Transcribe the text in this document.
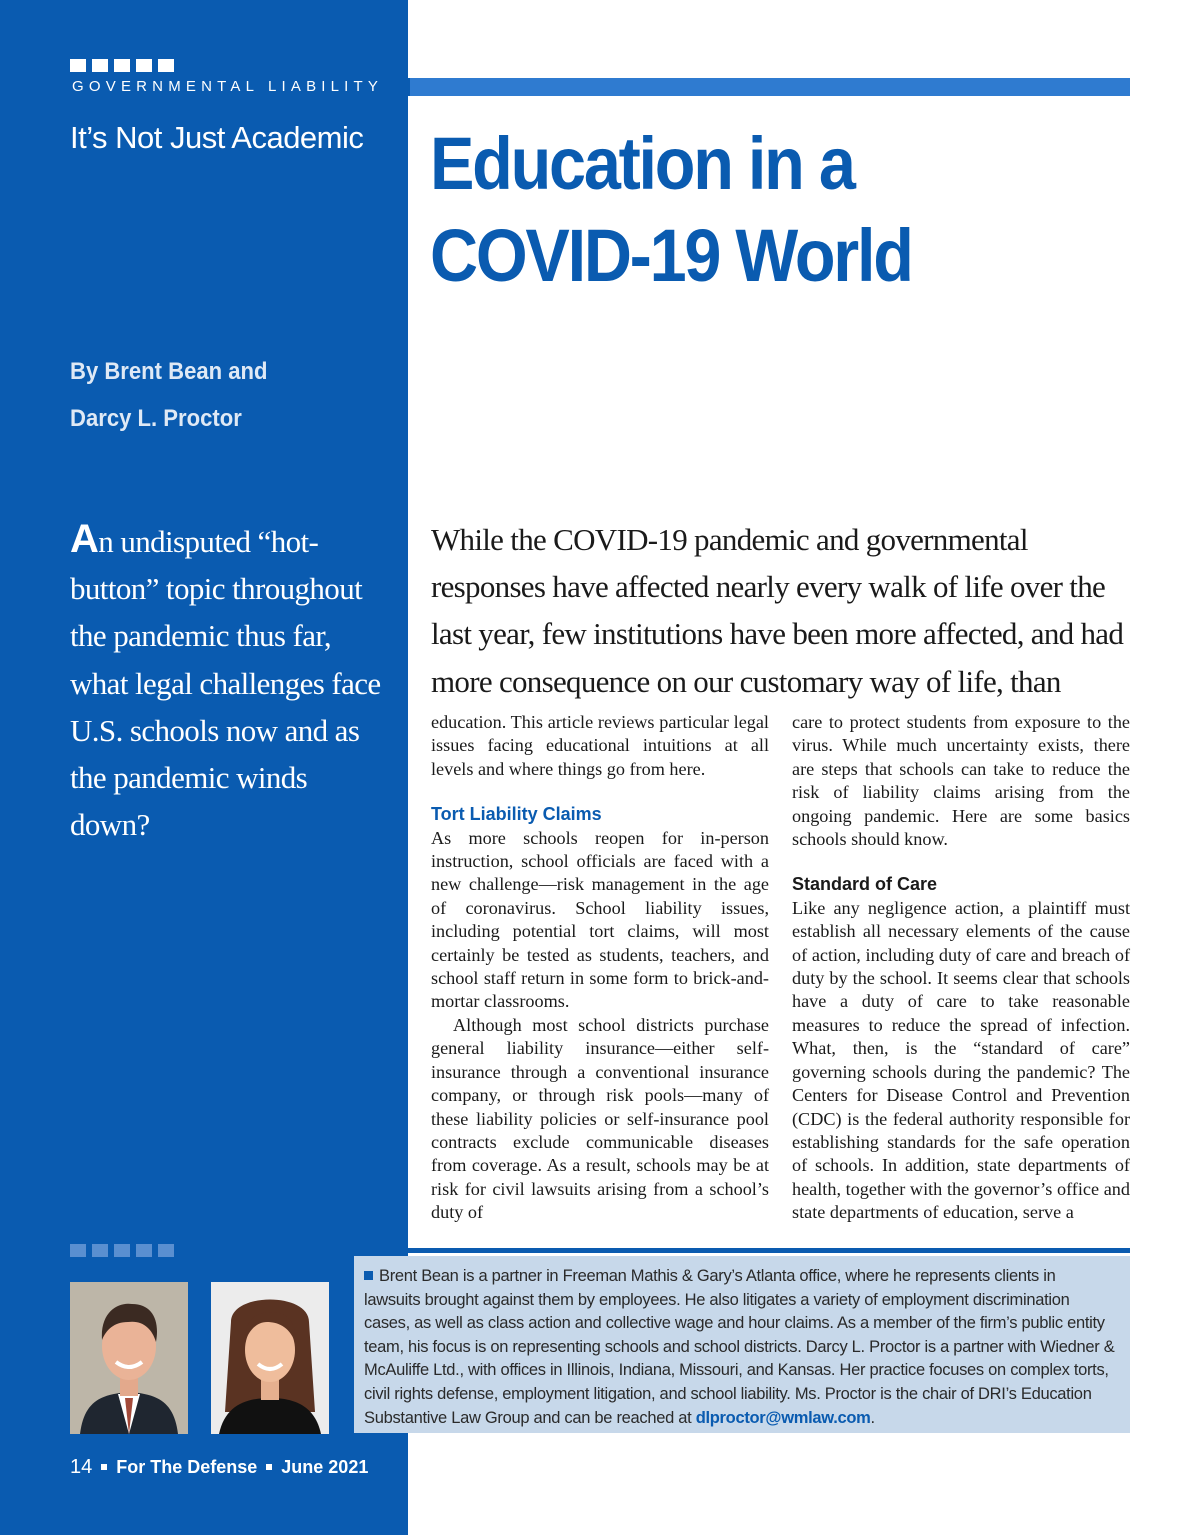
GOVERNMENTAL LIABILITY
It’s Not Just Academic Education in a
COVID-19 World
By Brent Bean and
Darcy L. Proctor
An undisputed “hot-button” topic throughout the pandemic thus far, what legal challenges face U.S. schools now and as the pandemic winds down?

While the COVID-19 pandemic and governmental responses have affected nearly every walk of life over the last year, few institutions have been more affected, and had more consequence on our customary way of life, than

education. This article reviews particular legal issues facing educational intuitions at all levels and where things go from here.

Tort Liability Claims

As more schools reopen for in-person instruction, school officials are faced with a new challenge—risk management in the age of coronavirus. School liability issues, including potential tort claims, will most certainly be tested as students, teachers, and school staff return in some form to brick-and-mortar classrooms.

Although most school districts purchase general liability insurance—either self-insurance through a conventional insurance company, or through risk pools—many of these liability policies or self-insurance pool contracts exclude communicable diseases from coverage. As a result, schools may be at risk for civil lawsuits arising from a school’s duty of

care to protect students from exposure to the virus. While much uncertainty exists, there are steps that schools can take to reduce the risk of liability claims arising from the ongoing pandemic. Here are some basics schools should know.

Standard of Care

Like any negligence action, a plaintiff must establish all necessary elements of the cause of action, including duty of care and breach of duty by the school. It seems clear that schools have a duty of care to take reasonable measures to reduce the spread of infection. What, then, is the “standard of care” governing schools during the pandemic? The Centers for Disease Control and Prevention (CDC) is the federal authority responsible for establishing standards for the safe operation of schools. In addition, state departments of health, together with the governor’s office and state departments of education, serve a

Brent Bean is a partner in Freeman Mathis & Gary’s Atlanta office, where he represents clients in lawsuits brought against them by employees. He also litigates a variety of employment discrimination cases, as well as class action and collective wage and hour claims. As a member of the firm’s public entity team, his focus is on representing schools and school districts. Darcy L. Proctor is a partner with Wiedner & McAuliffe Ltd., with offices in Illinois, Indiana, Missouri, and Kansas. Her practice focuses on complex torts, civil rights defense, employment litigation, and school liability. Ms. Proctor is the chair of DRI’s Education Substantive Law Group and can be reached at dlproctor@wmlaw.com.
14 For The Defense June 2021
